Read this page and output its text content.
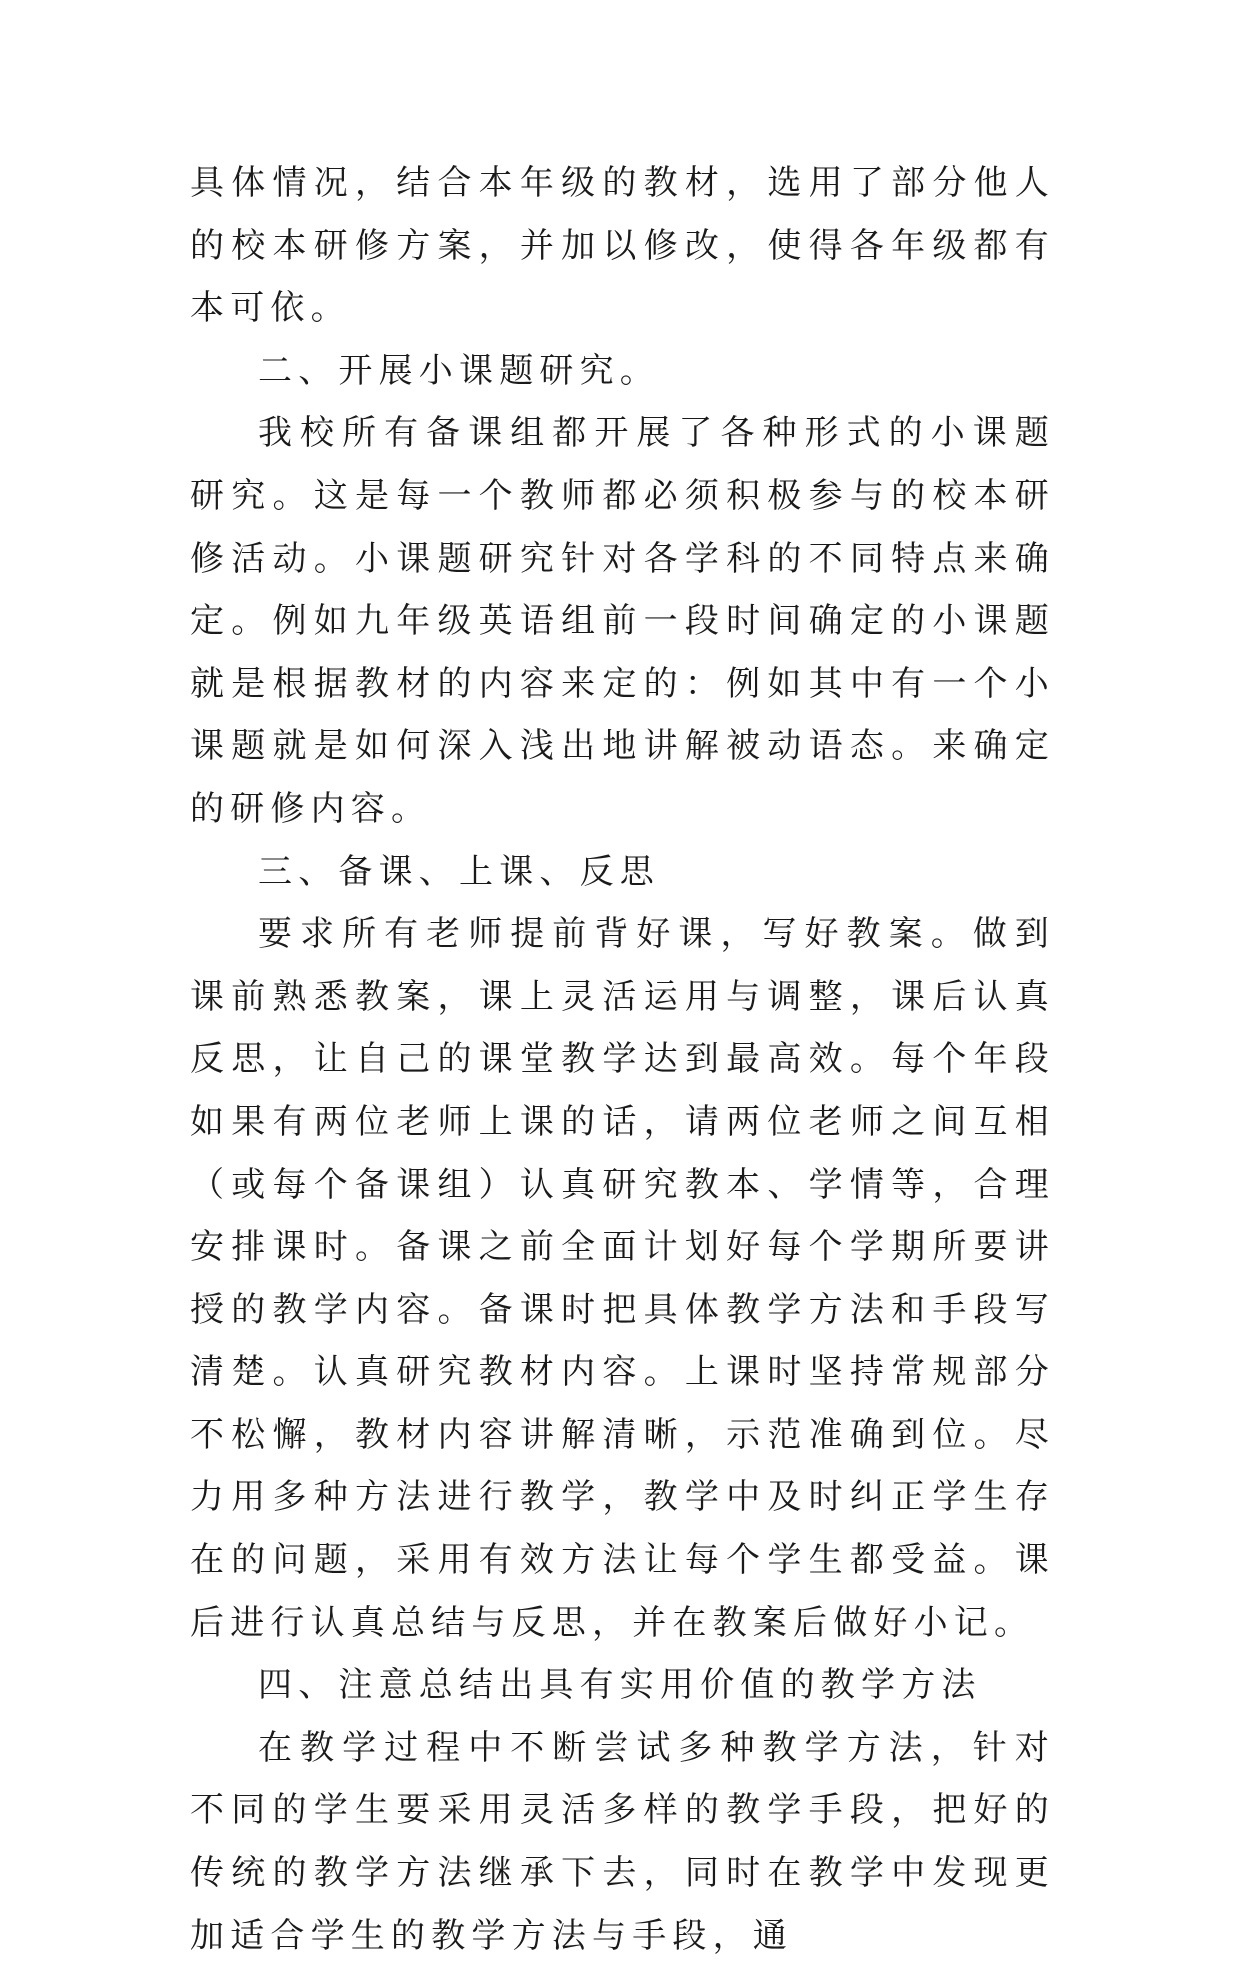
具体情况，结合本年级的教材，选用了部分他人的校本研修方案，并加以修改，使得各年级都有本可依。

二、开展小课题研究。

我校所有备课组都开展了各种形式的小课题研究。这是每一个教师都必须积极参与的校本研修活动。小课题研究针对各学科的不同特点来确定。例如九年级英语组前一段时间确定的小课题就是根据教材的内容来定的：例如其中有一个小课题就是如何深入浅出地讲解被动语态。来确定的研修内容。

三、备课、上课、反思

要求所有老师提前背好课，写好教案。做到课前熟悉教案，课上灵活运用与调整，课后认真反思，让自己的课堂教学达到最高效。每个年段如果有两位老师上课的话，请两位老师之间互相（或每个备课组）认真研究教本、学情等，合理安排课时。备课之前全面计划好每个学期所要讲授的教学内容。备课时把具体教学方法和手段写清楚。认真研究教材内容。上课时坚持常规部分不松懈，教材内容讲解清晰，示范准确到位。尽力用多种方法进行教学，教学中及时纠正学生存在的问题，采用有效方法让每个学生都受益。课后进行认真总结与反思，并在教案后做好小记。

四、注意总结出具有实用价值的教学方法

在教学过程中不断尝试多种教学方法，针对不同的学生要采用灵活多样的教学手段，把好的传统的教学方法继承下去，同时在教学中发现更加适合学生的教学方法与手段，通
